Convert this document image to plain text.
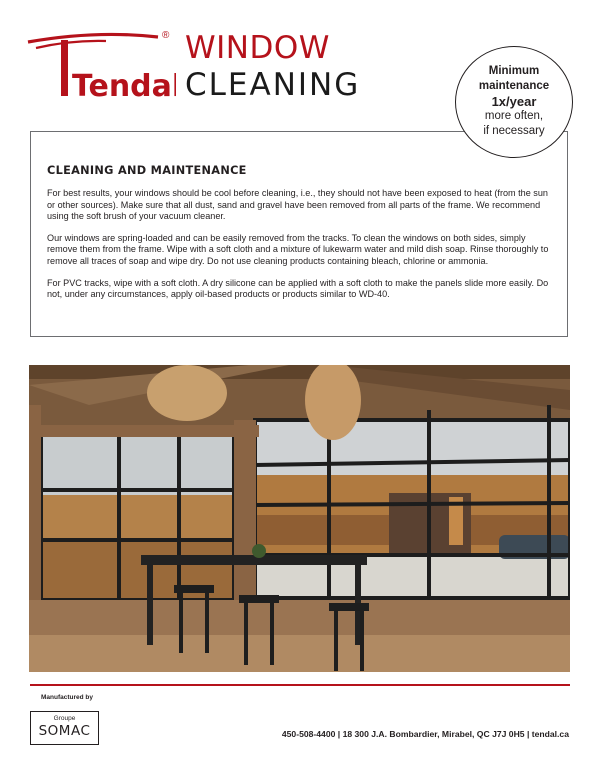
Tendal
® WINDOW
CLEANING	Minimum
maintenance
1x/year
more often,
if necessary
CLEANING AND MAINTENANCE

For best results, your windows should be cool before cleaning, i.e., they should not have been exposed to heat (from the sun or other sources). Make sure that all dust, sand and gravel have been removed from all parts of the frame. We recommend using the soft brush of your vacuum cleaner.

Our windows are spring-loaded and can be easily removed from the tracks. To clean the windows on both sides, simply remove them from the frame. Wipe with a soft cloth and a mixture of lukewarm water and mild dish soap. Rinse thoroughly to remove all traces of soap and wipe dry. Do not use cleaning products containing bleach, chlorine or ammonia.

For PVC tracks, wipe with a soft cloth. A dry silicone can be applied with a soft cloth to make the panels slide more easily. Do not, under any circumstances, apply oil-based products or products similar to WD-40.

Manufactured by
Groupe
SOMAC	450-508-4400 | 18 300 J.A. Bombardier, Mirabel, QC J7J 0H5 | tendal.ca
